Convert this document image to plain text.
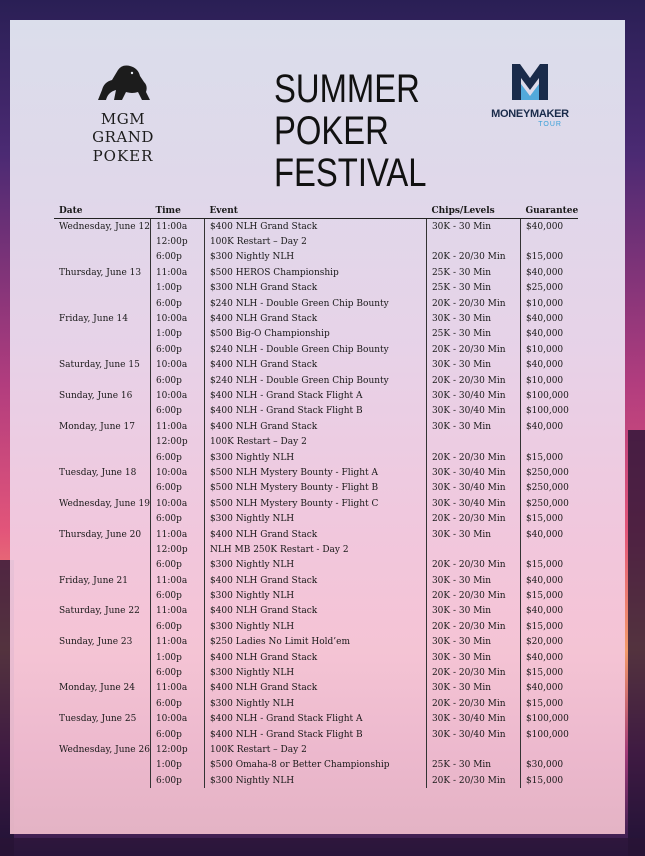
MGM GRAND
POKER
SUMMER
POKER
FESTIVAL
MONEYMAKER
TOUR
Date	Time	Event	Chips/Levels	Guarantee
Wednesday, June 12	11:00a	$400 NLH Grand Stack	30K - 30 Min	$40,000
	12:00p	100K Restart – Day 2		
	6:00p	$300 Nightly NLH	20K - 20/30 Min	$15,000
Thursday, June 13	11:00a	$500 HEROS Championship	25K - 30 Min	$40,000
	1:00p	$300 NLH Grand Stack	25K - 30 Min	$25,000
	6:00p	$240 NLH - Double Green Chip Bounty	20K - 20/30 Min	$10,000
Friday, June 14	10:00a	$400 NLH Grand Stack	30K - 30 Min	$40,000
	1:00p	$500 Big-O Championship	25K - 30 Min	$40,000
	6:00p	$240 NLH - Double Green Chip Bounty	20K - 20/30 Min	$10,000
Saturday, June 15	10:00a	$400 NLH Grand Stack	30K - 30 Min	$40,000
	6:00p	$240 NLH - Double Green Chip Bounty	20K - 20/30 Min	$10,000
Sunday, June 16	10:00a	$400 NLH - Grand Stack Flight A	30K - 30/40 Min	$100,000
	6:00p	$400 NLH - Grand Stack Flight B	30K - 30/40 Min	$100,000
Monday, June 17	11:00a	$400 NLH Grand Stack	30K - 30 Min	$40,000
	12:00p	100K Restart – Day 2		
	6:00p	$300 Nightly NLH	20K - 20/30 Min	$15,000
Tuesday, June 18	10:00a	$500 NLH Mystery Bounty - Flight A	30K - 30/40 Min	$250,000
	6:00p	$500 NLH Mystery Bounty - Flight B	30K - 30/40 Min	$250,000
Wednesday, June 19	10:00a	$500 NLH Mystery Bounty - Flight C	30K - 30/40 Min	$250,000
	6:00p	$300 Nightly NLH	20K - 20/30 Min	$15,000
Thursday, June 20	11:00a	$400 NLH Grand Stack	30K - 30 Min	$40,000
	12:00p	NLH MB 250K Restart - Day 2		
	6:00p	$300 Nightly NLH	20K - 20/30 Min	$15,000
Friday, June 21	11:00a	$400 NLH Grand Stack	30K - 30 Min	$40,000
	6:00p	$300 Nightly NLH	20K - 20/30 Min	$15,000
Saturday, June 22	11:00a	$400 NLH Grand Stack	30K - 30 Min	$40,000
	6:00p	$300 Nightly NLH	20K - 20/30 Min	$15,000
Sunday, June 23	11:00a	$250 Ladies No Limit Hold’em	30K - 30 Min	$20,000
	1:00p	$400 NLH Grand Stack	30K - 30 Min	$40,000
	6:00p	$300 Nightly NLH	20K - 20/30 Min	$15,000
Monday, June 24	11:00a	$400 NLH Grand Stack	30K - 30 Min	$40,000
	6:00p	$300 Nightly NLH	20K - 20/30 Min	$15,000
Tuesday, June 25	10:00a	$400 NLH - Grand Stack Flight A	30K - 30/40 Min	$100,000
	6:00p	$400 NLH - Grand Stack Flight B	30K - 30/40 Min	$100,000
Wednesday, June 26	12:00p	100K Restart – Day 2		
	1:00p	$500 Omaha-8 or Better Championship	25K - 30 Min	$30,000
	6:00p	$300 Nightly NLH	20K - 20/30 Min	$15,000
